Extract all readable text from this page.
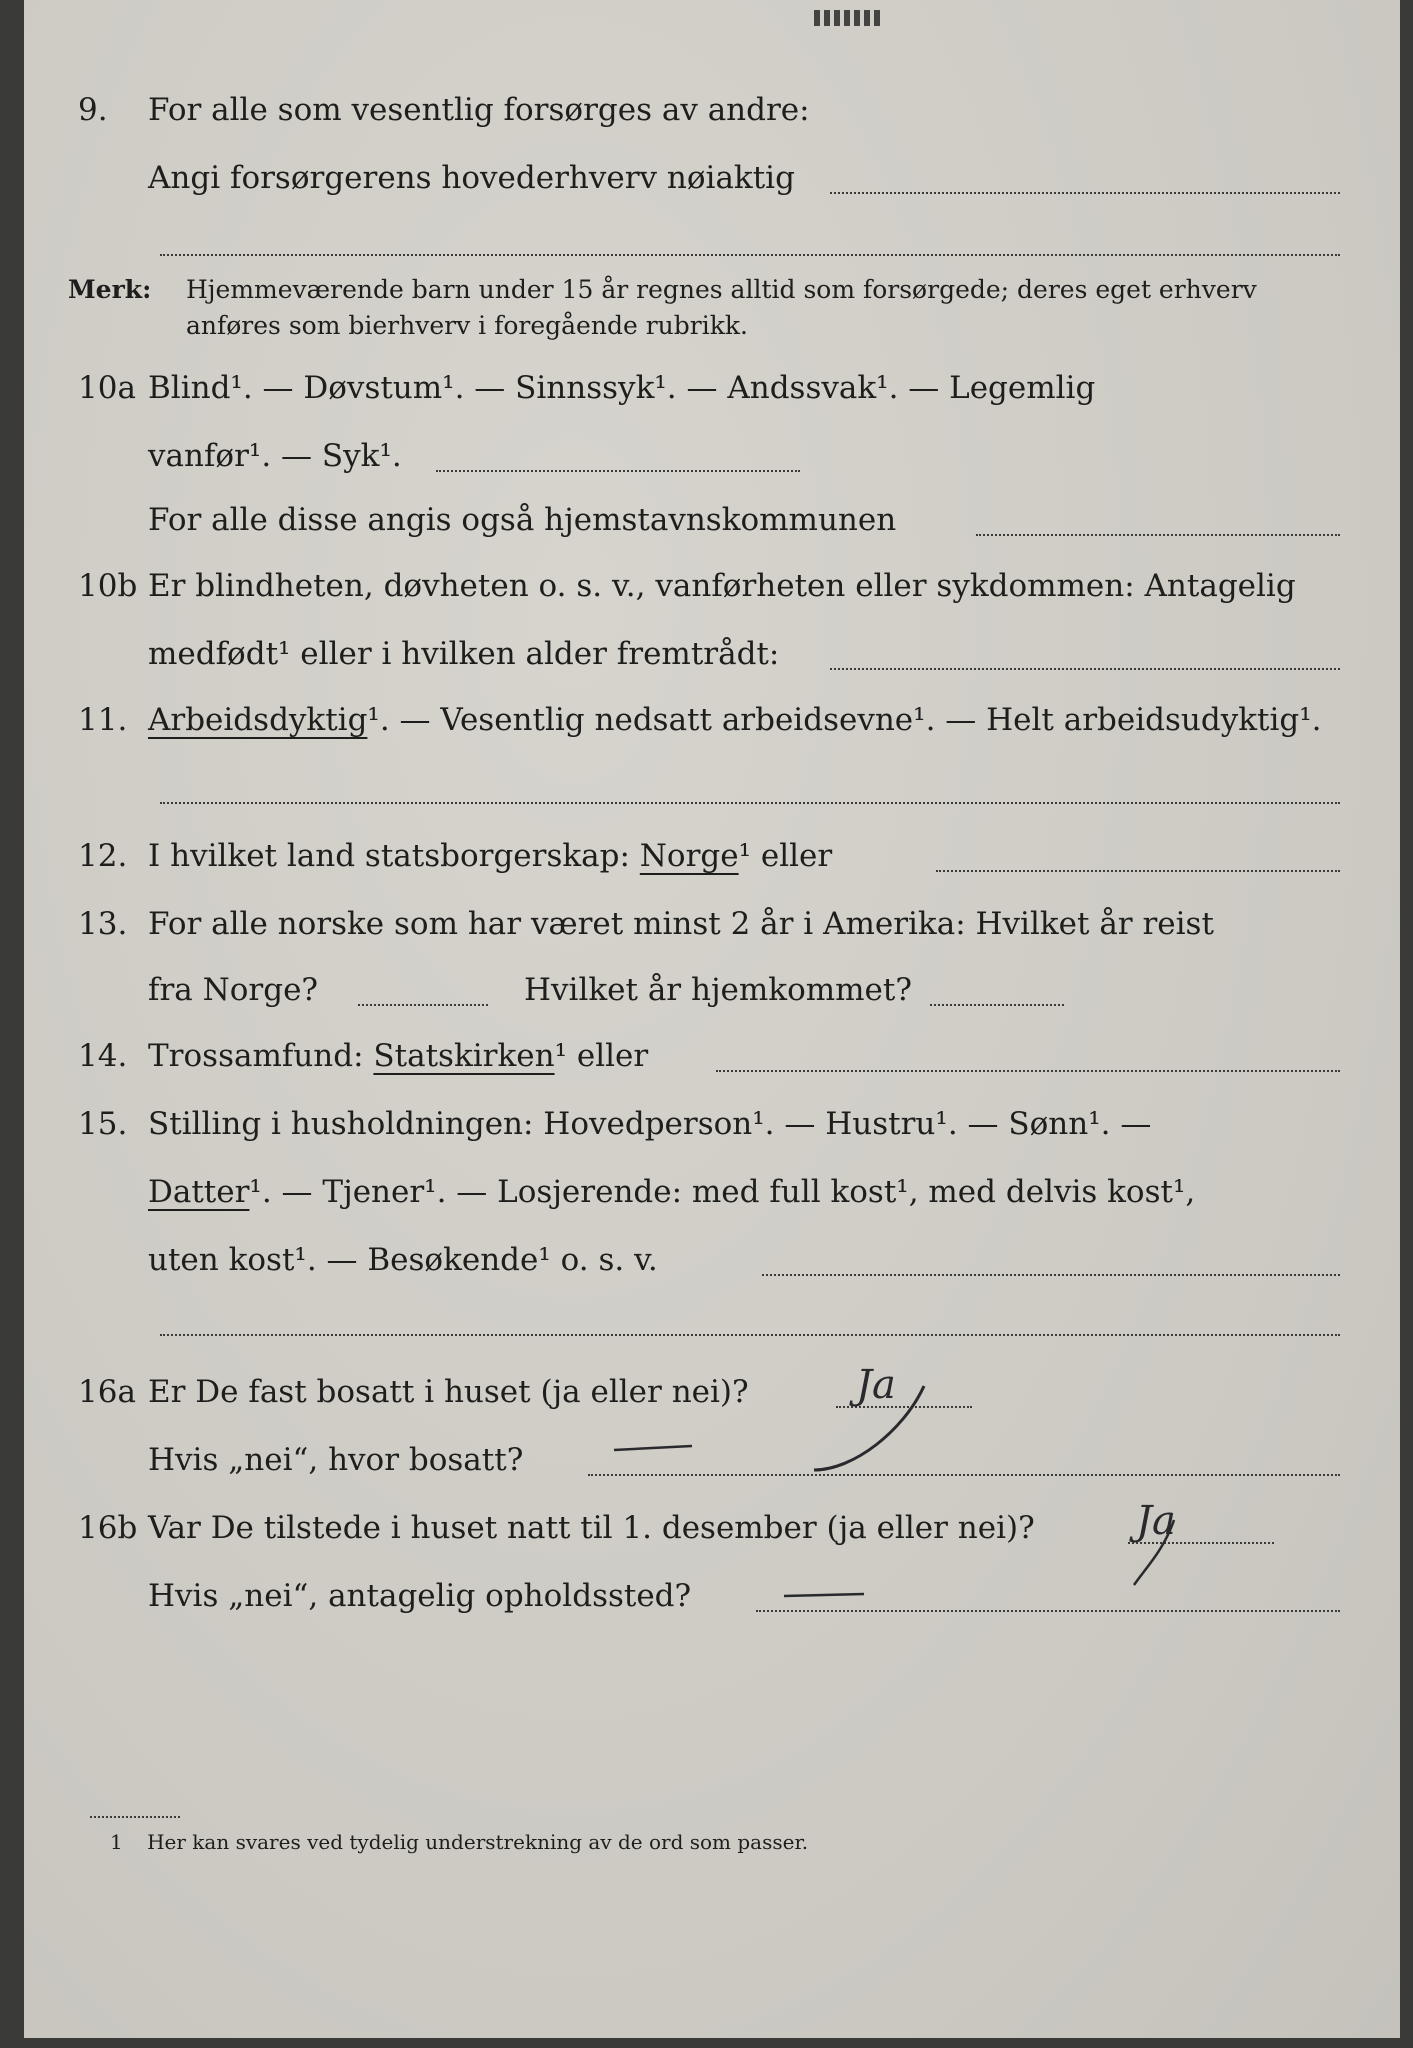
9. For alle som vesentlig forsørges av andre:
Angi forsørgerens hovederhverv nøiaktig
Merk: Hjemmeværende barn under 15 år regnes alltid som forsørgede; deres eget erhverv
anføres som bierhverv i foregående rubrikk.
10a Blind¹. — Døvstum¹. — Sinnssyk¹. — Andssvak¹. — Legemlig
vanfør¹. — Syk¹.
For alle disse angis også hjemstavnskommunen
10b Er blindheten, døvheten o. s. v., vanførheten eller sykdommen: Antagelig
medfødt¹ eller i hvilken alder fremtrådt:
11. Arbeidsdyktig¹. — Vesentlig nedsatt arbeidsevne¹. — Helt arbeidsudyktig¹.
12. I hvilket land statsborgerskap: Norge¹ eller
13. For alle norske som har været minst 2 år i Amerika: Hvilket år reist
fra Norge?	Hvilket år hjemkommet?
14. Trossamfund: Statskirken¹ eller
15. Stilling i husholdningen: Hovedperson¹. — Hustru¹. — Sønn¹. —
Datter¹. — Tjener¹. — Losjerende: med full kost¹, med delvis kost¹,
uten kost¹. — Besøkende¹ o. s. v.
16a Er De fast bosatt i huset (ja eller nei)?	Ja
Hvis „nei“, hvor bosatt?
16b Var De tilstede i huset natt til 1. desember (ja eller nei)?	Ja
Hvis „nei“, antagelig opholdssted?
1 Her kan svares ved tydelig understrekning av de ord som passer.
